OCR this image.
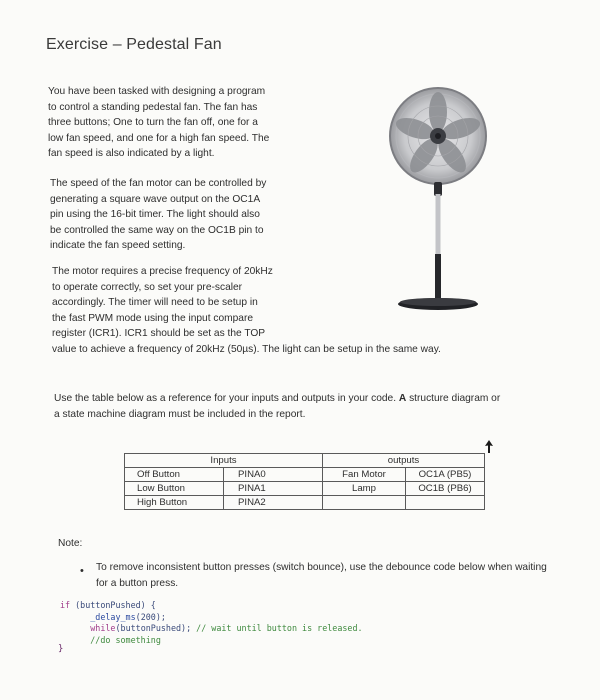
Exercise – Pedestal Fan

You have been tasked with designing a program
to control a standing pedestal fan. The fan has
three buttons; One to turn the fan off, one for a
low fan speed, and one for a high fan speed. The
fan speed is also indicated by a light.

The speed of the fan motor can be controlled by
generating a square wave output on the OC1A
pin using the 16-bit timer. The light should also
be controlled the same way on the OC1B pin to
indicate the fan speed setting.

The motor requires a precise frequency of 20kHz
to operate correctly, so set your pre-scaler
accordingly. The timer will need to be setup in
the fast PWM mode using the input compare
register (ICR1). ICR1 should be set as the TOP
value to achieve a frequency of 20kHz (50µs). The light can be setup in the same way.

Use the table below as a reference for your inputs and outputs in your code. A structure diagram or
a state machine diagram must be included in the report.

Inputs		outputs	
Off Button	PINA0	Fan Motor	OC1A (PB5)
Low Button	PINA1	Lamp	OC1B (PB6)
High Button	PINA2		
Note:
• To remove inconsistent button presses (switch bounce), use the debounce code below when waiting for a button press.
if (buttonPushed) {
_delay_ms(200);
while(buttonPushed); // wait until button is released.
//do something
}
